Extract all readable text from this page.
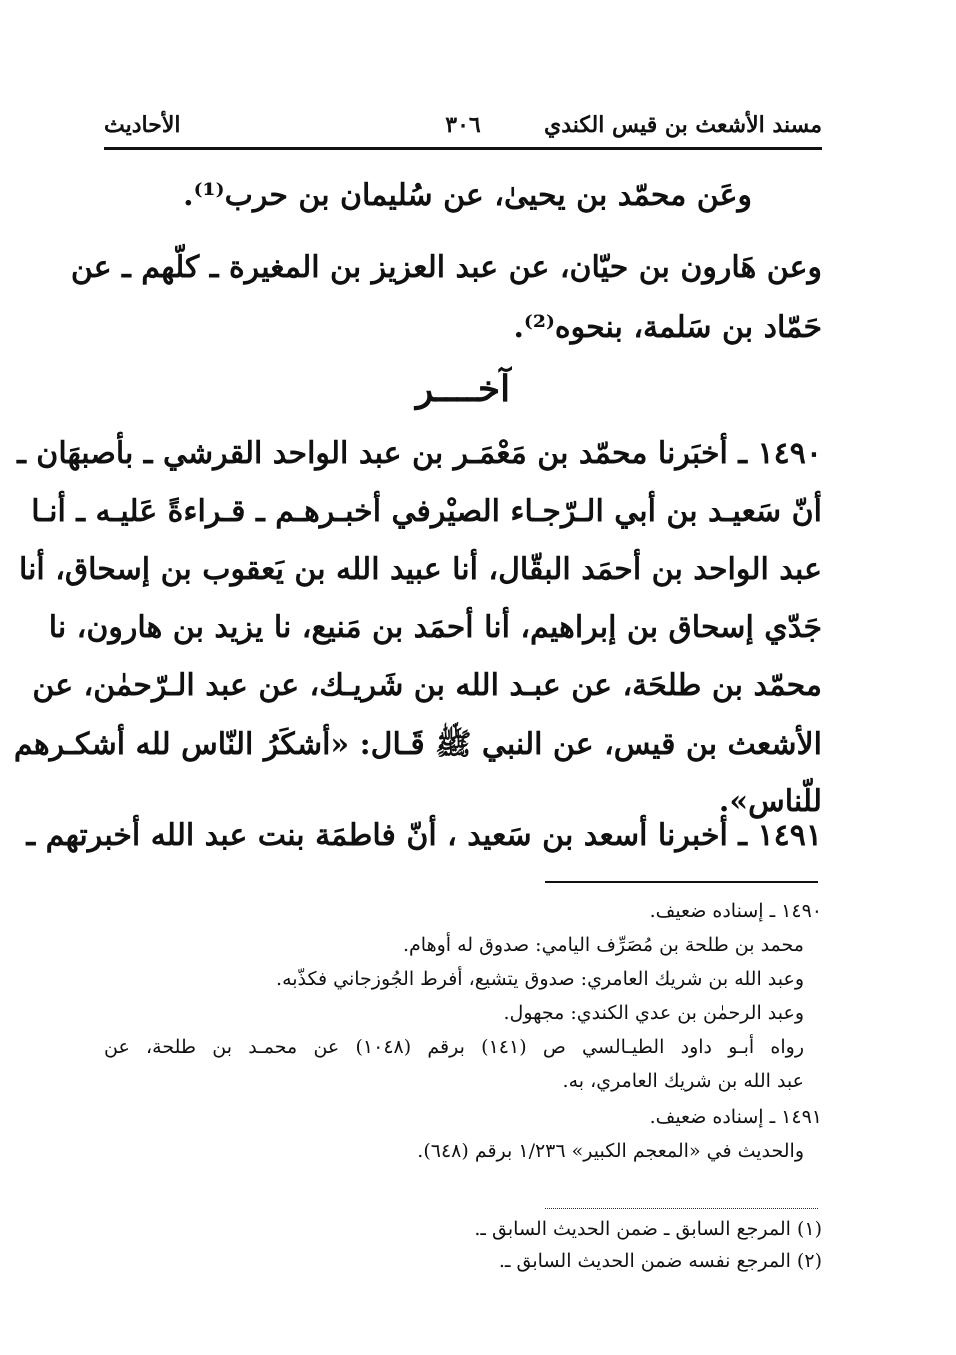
مسند الأشعث بن قيس الكندي
٣٠٦
الأحاديث
وعَن محمّد بن يحيىٰ، عن سُليمان بن حرب⁽¹⁾.
وعن هَارون بن حيّان، عن عبد العزيز بن المغيرة ـ كلّهم ـ عن
حَمّاد بن سَلمة، بنحوه⁽²⁾.
آخــــر
١٤٩٠ ـ أخبَرنا محمّد بن مَعْمَـر بن عبد الواحد القرشي ـ بأصبهَان ـ
أنّ سَعيـد بن أبي الـرّجـاء الصيْرفي أخبـرهـم ـ قـراءةً عَليـه ـ أنـا
عبد الواحد بن أحمَد البقّال، أنا عبيد الله بن يَعقوب بن إسحاق، أنا
جَدّي إسحاق بن إبراهيم، أنا أحمَد بن مَنيع، نا يزيد بن هارون، نا
محمّد بن طلحَة، عن عبـد الله بن شَريـك، عن عبد الـرّحمٰن، عن
الأشعث بن قيس، عن النبي ﷺ قَـال: «أشكَرُ النّاس لله أشكـرهم
للّناس».
١٤٩١ ـ أخبرنا أسعد بن سَعيد ، أنّ فاطمَة بنت عبد الله أخبرتهم ـ
١٤٩٠ ـ إسناده ضعيف.
محمد بن طلحة بن مُصَرِّف اليامي: صدوق له أوهام.
وعبد الله بن شريك العامري: صدوق يتشيع، أفرط الجُوزجاني فكذّبه.
وعبد الرحمٰن بن عدي الكندي: مجهول.
رواه أبـو داود الطيـالسي ص (١٤١) برقم (١٠٤٨) عن محمـد بن طلحة، عن
عبد الله بن شريك العامري، به.
١٤٩١ ـ إسناده ضعيف.
والحديث في «المعجم الكبير» ١/٢٣٦ برقم (٦٤٨).
(١) المرجع السابق ـ ضمن الحديث السابق ـ.
(٢) المرجع نفسه ضمن الحديث السابق ـ.
